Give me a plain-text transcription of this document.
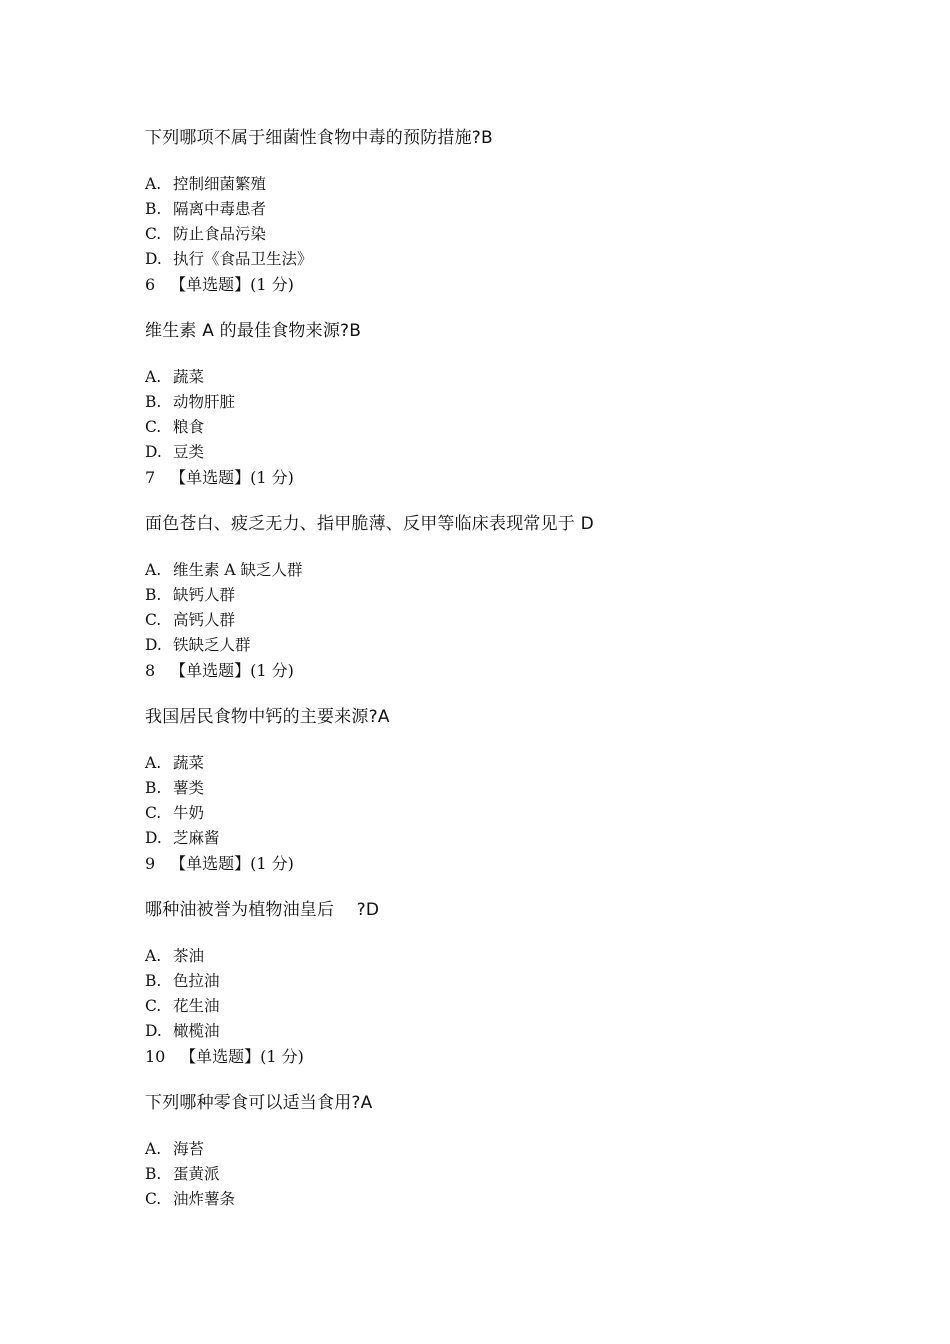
下列哪项不属于细菌性食物中毒的预防措施?B
A. 控制细菌繁殖
B. 隔离中毒患者
C. 防止食品污染
D. 执行《食品卫生法》
6 【单选题】(1 分)
维生素 A 的最佳食物来源?B
A. 蔬菜
B. 动物肝脏
C. 粮食
D. 豆类
7 【单选题】(1 分)
面色苍白、疲乏无力、指甲脆薄、反甲等临床表现常见于 D
A. 维生素 A 缺乏人群
B. 缺钙人群
C. 高钙人群
D. 铁缺乏人群
8 【单选题】(1 分)
我国居民食物中钙的主要来源?A
A. 蔬菜
B. 薯类
C. 牛奶
D. 芝麻酱
9 【单选题】(1 分)
哪种油被誉为植物油皇后    ?D
A. 茶油
B. 色拉油
C. 花生油
D. 橄榄油
10 【单选题】(1 分)
下列哪种零食可以适当食用?A
A. 海苔
B. 蛋黄派
C. 油炸薯条
